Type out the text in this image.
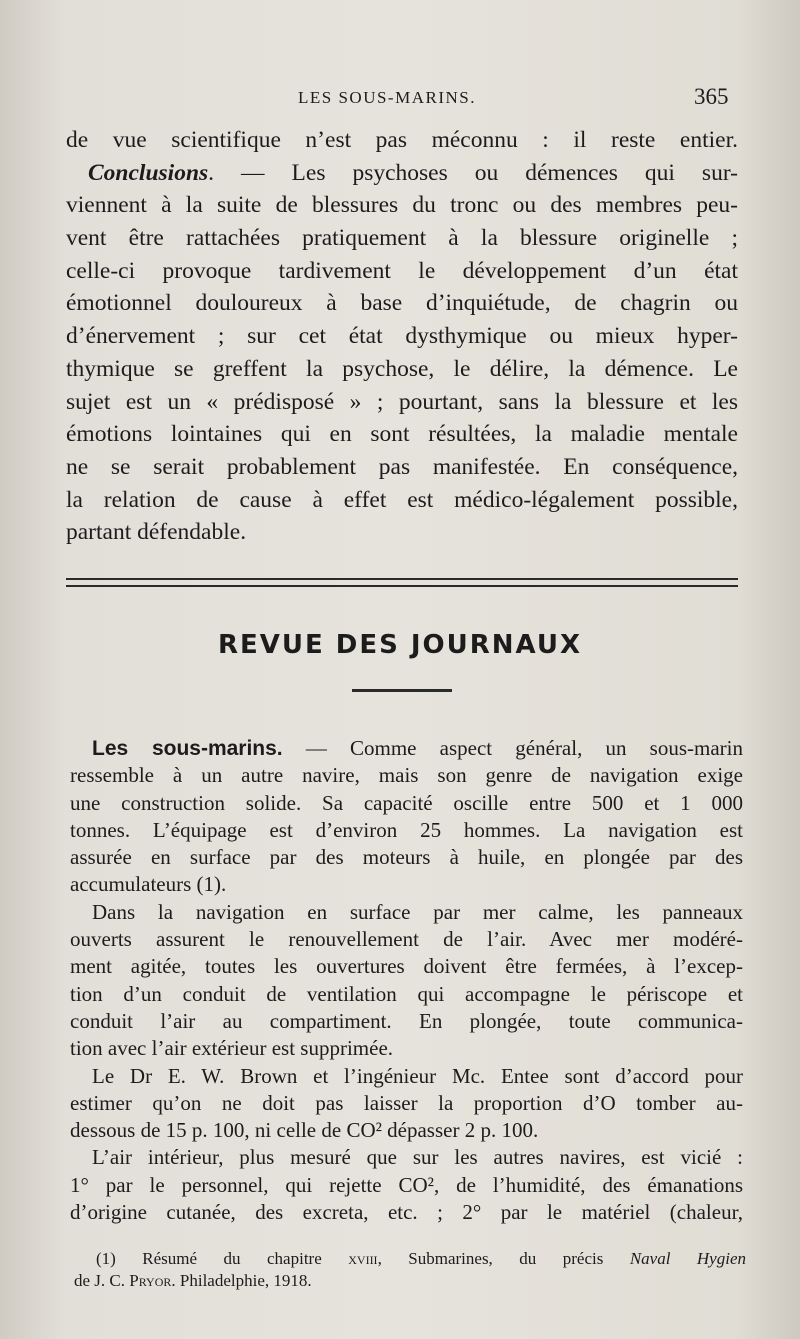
LES SOUS-MARINS.	365
de vue scientifique n’est pas méconnu : il reste entier.
Conclusions. — Les psychoses ou démences qui sur-
viennent à la suite de blessures du tronc ou des membres peu-
vent être rattachées pratiquement à la blessure originelle ;
celle-ci provoque tardivement le développement d’un état
émotionnel douloureux à base d’inquiétude, de chagrin ou
d’énervement ; sur cet état dysthymique ou mieux hyper-
thymique se greffent la psychose, le délire, la démence. Le
sujet est un « prédisposé » ; pourtant, sans la blessure et les
émotions lointaines qui en sont résultées, la maladie mentale
ne se serait probablement pas manifestée. En conséquence,
la relation de cause à effet est médico-légalement possible,
partant défendable.
REVUE DES JOURNAUX
Les sous-marins. — Comme aspect général, un sous-marin
ressemble à un autre navire, mais son genre de navigation exige
une construction solide. Sa capacité oscille entre 500 et 1 000
tonnes. L’équipage est d’environ 25 hommes. La navigation est
assurée en surface par des moteurs à huile, en plongée par des
accumulateurs (1).
Dans la navigation en surface par mer calme, les panneaux
ouverts assurent le renouvellement de l’air. Avec mer modéré-
ment agitée, toutes les ouvertures doivent être fermées, à l’excep-
tion d’un conduit de ventilation qui accompagne le périscope et
conduit l’air au compartiment. En plongée, toute communica-
tion avec l’air extérieur est supprimée.
Le Dr E. W. Brown et l’ingénieur Mc. Entee sont d’accord pour
estimer qu’on ne doit pas laisser la proportion d’O tomber au-
dessous de 15 p. 100, ni celle de CO² dépasser 2 p. 100.
L’air intérieur, plus mesuré que sur les autres navires, est vicié :
1° par le personnel, qui rejette CO², de l’humidité, des émanations
d’origine cutanée, des excreta, etc. ; 2° par le matériel (chaleur,
(1) Résumé du chapitre xviii, Submarines, du précis Naval Hygien
de J. C. Pryor. Philadelphie, 1918.
